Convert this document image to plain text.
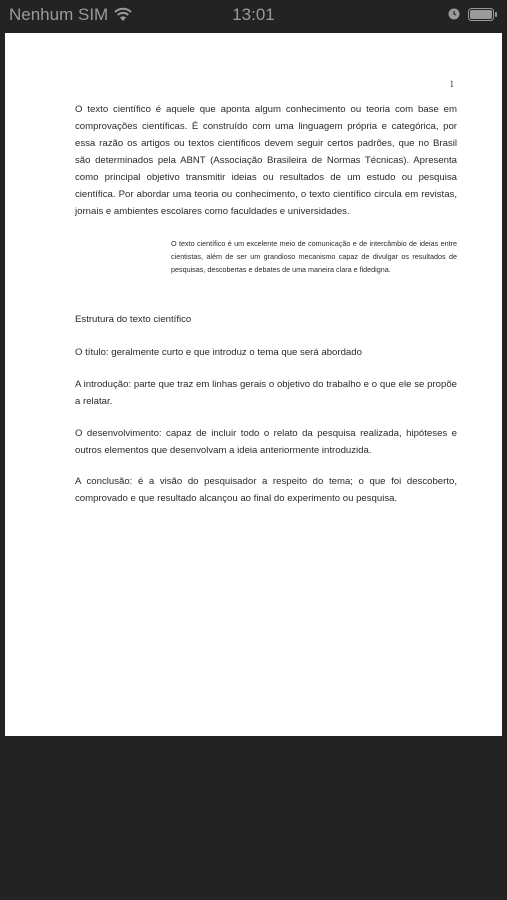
Nenhum SIM	13:01
1

O texto científico é aquele que aponta algum conhecimento ou teoria com base em comprovações científicas. É construído com uma linguagem própria e categórica, por essa razão os artigos ou textos científicos devem seguir certos padrões, que no Brasil são determinados pela ABNT (Associação Brasileira de Normas Técnicas). Apresenta como principal objetivo transmitir ideias ou resultados de um estudo ou pesquisa científica. Por abordar uma teoria ou conhecimento, o texto científico circula em revistas, jornais e ambientes escolares como faculdades e universidades.

O texto científico é um excelente meio de comunicação e de intercâmbio de ideias entre cientistas, além de ser um grandioso mecanismo capaz de divulgar os resultados de pesquisas, descobertas e debates de uma maneira clara e fidedigna.

Estrutura do texto científico

O título: geralmente curto e que introduz o tema que será abordado

A introdução: parte que traz em linhas gerais o objetivo do trabalho e o que ele se propõe a relatar.

O desenvolvimento: capaz de incluir todo o relato da pesquisa realizada, hipóteses e outros elementos que desenvolvam a ideia anteriormente introduzida.

A conclusão: é a visão do pesquisador a respeito do tema; o que foi descoberto, comprovado e que resultado alcançou ao final do experimento ou pesquisa.
